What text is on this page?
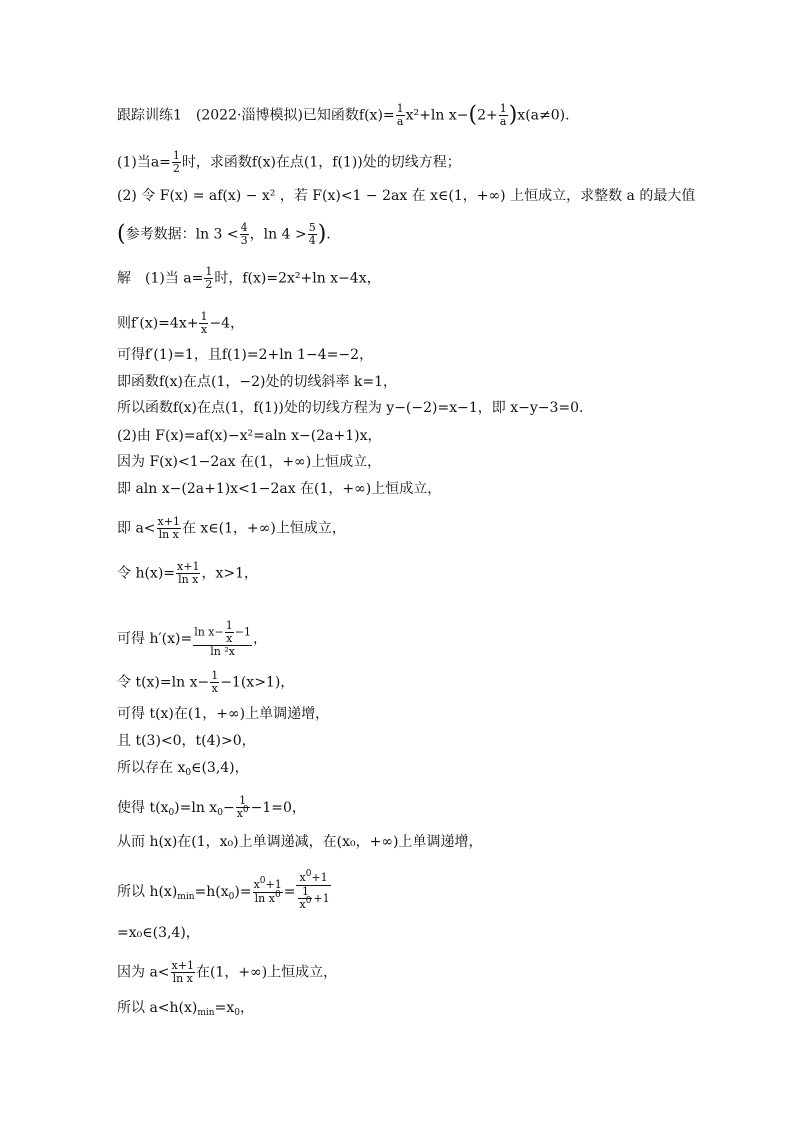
跟踪训练1　(2022·淄博模拟)已知函数$f(x)= \frac{1}{a} x^2+\ln$ $x-(2+ \frac{1}{a} )x(a\ne 0)$．
(1)当$a= \frac{1}{2}$ 时，求函数f(x)在点(1，f(1))处的切线方程；
(2) 令 F(x) = af(x) − x² ，若 F(x)<1 − 2ax 在 x∈(1，+∞) 上恒成立，求整数 a 的最大值
(参考数据：$\ln 3 < \frac{4}{3}$ ，$\ln 4 > \frac{5}{4}$ ).
解　(1)当 $a= \frac{1}{2}$ 时，f(x)=2x²+ln x−4x，
则$f'(x)=4x+ \frac{1}{x} -4$，
可得f′(1)=1，且f(1)=2+ln 1−4=−2，
即函数f(x)在点(1，−2)处的切线斜率 k=1，
所以函数f(x)在点(1，f(1))处的切线方程为 y−(−2)=x−1，即 x−y−3=0.
(2)由 F(x)=af(x)−x²=aln x−(2a+1)x，
因为 F(x)<1−2ax 在(1，+∞)上恒成立，
即 aln x−(2a+1)x<1−2ax 在(1，+∞)上恒成立，
即 $a< \frac{x+1}{\text{ln x}}$ 在 x∈(1，+∞)上恒成立，
令 $h(x)= \frac{x+1}{\text{ln x}}$ ，x>1，
可得 $h'(x)= \frac{\ln x- \frac{1}{x} -1}{\text{ln ²x}}$ ，
令 t(x)=ln $x- \frac{1}{x} -1(x>1)$，
可得 t(x)在(1，+∞)上单调递增，
且 t(3)<0，t(4)>0，
所以存在 $x_0\in(3,4)$，
使得 $t(x_0)=\ln$ $x_0- \frac{1}{x^0} -1=0$，
从而 h(x)在(1，x₀)上单调递减，在(x₀，+∞)上单调递增，
所以 $h(x)_{min}=h(x_0)= \frac{x^0+1}{\ln x^0} = \frac{x^0+1}{\frac{1}{x^0} +1}$
=x₀∈(3,4)，
因为 $a< \frac{x+1}{\text{ln x}}$ 在(1，+∞)上恒成立，
所以 $a<h(x)_{min}=x_0$，
